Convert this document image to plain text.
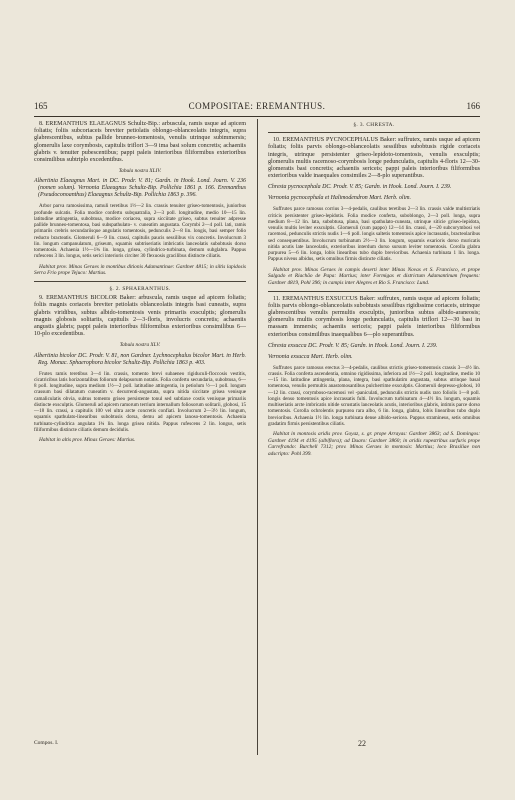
165	COMPOSITAE: EREMANTHUS.	166

8. EREMANTHUS ELAEAGNUS Schultz-Bip.: arbuscula, ramis usque ad apicem foliatis; foliis subcoriaceis breviter petiolatis oblongo-oblanceolatis integris, supra glabrescentibus, subtus pallide brunneo-tomentosis, venulis utrinque subimmersis; glomerulis laxe corymbosis, capitulis triflori 3—9 ima basi solum concretis; achaeniis glabris v. tenuiter pubescentibus; pappi paleis interioribus filiformibus exterioribus consimilibus subtriplo excedentibus.

Tabula nostra XLIV.

Albertinia Elaeagnus Mart. in DC. Prodr. V. 81; Gardn. in Hook. Lond. Journ. V. 236 (nomen solum). Vernonia Elaeagnus Schultz-Bip. Pollichia 1861 p. 166. Eremanthus (Pseudoconoanthus) Elaeagnus Schultz-Bip. Pollichia 1863 p. 396.

Arbor parva ramosissima, ramuli teretibus 1½—2 lin. crassis tenuiter griseo-tomentosis, juniorbus profunde sulcatis. Folia modice confertu subquatralia, 2—3 poll. longitudine, medio 10—15 lin. latitudine attingentia, subobtusa, modice coriacea, supra sicciitate griseo, subtus tenuiter adpresse pallide brunneo-tomentosa, basi subspathulato- v. cuneatim angustata. Corymbi 2—4 poll. lati, ramis primariis crebris secundariisque angulatis tomentosis, pedunculis 2—8 lin. longis, basi semper folio reducto bracteatis. Glomeruli 6—9 lin. crassi, capitulis paucis sessilibus vix concretis. Involucrum 3 lin. longum campanulatum, griseum, squamis subtriseriatis imbricatis lanceolatis subobtusis dorso tomentosis. Achaenia 1½—1¾ lin. longa, grisea, cylindrico-turbinata, demum subglabra. Pappus rufescens 3 lin. longus, setis serici interioris circiter 30 flexuosis gracilibus distincte ciliatis.

Habitat prov. Minas Geraes in montibus ditionis Adamantinae: Gardner 4815; in siltis lapidosis Serra Frio prope Tejuco: Martius.

§. 2. SPHAERANTHUS.

9. EREMANTHUS BICOLOR Baker: arbuscula, ramis usque ad apicem foliatis; foliis magnis coriaceis breviter petiolatis oblanceolatis integris basi cuneatis, supra glabris viridibus, subtus albido-tomentosis venis primariis exsculptis; glomerulis magnis globosis solitariis, capitulis 2—3-floris, involucris concretis; achaeniis angustis glabris; pappi paleis interioribus filiformibus exterioribus consimilibus 6—10-plo excedentibus.

Tabula nostra XLV.

Albertinia bicolor DC. Prodr. V. 81, non Gardner. Lychnocephalus bicolor Mart. in Herb. Reg. Monac. Sphaerophora bicolor Schultz-Bip. Pollichia 1863 p. 403.

Frutex ramis teretibus 3—4 lin. crassis, tomento brevi subaeneo rigiduculi-floccosis vestitis, cicatricibus latis horizontalibus foliorum delapsorum notatis. Folia confertu secundaria, subobtusa, 6—8 poll. longitudine, supra medium 1½—2 poll. latitudine attingentia, in petiolum ½—1 poll. longum crassum basi dilatatum cuneatim v. decurrenti-angustata, supra nitida siccitate grisea venisque camaliculatis obvia, subtus tomento griseo persistente tonul sed subtiaxe costis venisque primariis distincte exsculptis. Glomeruli ad apicem ramorum terrium internallum foliosorum solitarii, globosi, 15—18 lin. crassi, a capitulis 100 vel ultra arcte concretis confiati. Involucrum 2—3½ lin. longum, squamis spathulato-linearibus subobtusis dorsa, demu ad apicem lanoso-tomentosis. Achaenia turbinato-cylindrica angulata 1¾ lin. longa grisea nitida. Pappus rufescens 2 lin. longus, setis filiformibus distincte ciliatis demum decidulis.

Habitat in altis prov. Minas Geraes: Martius.

§. 3. CHRESTA.

10. EREMANTHUS PYCNOCEPHALUS Baker: suffrutex, ramis usque ad apicem foliatis; foliis parvis oblongo-oblanceolatis sessilibus subobtusis rigide coriaceis integris, utrinque persistenter griseo-lepidoto-tomentosis, venulis exsculptis; glomerulis multis racemoso-corymbosis longe pedunculatis, capitulis 4-floris 12—30-glomeratis basi concretis; achaeniis sericeis; pappi paleis interioribus filiformibus exterioribus valde inaequales consimiles 2—8-plo superantibus.

Chresta pycnocephala DC. Prodr. V. 85; Gardn. in Hook. Lond. Journ. I. 239.

Vernonia pycnocephala et Halimodendron Mart. Herb. olim.

Suffrutex parce ramosus corrius 3—4-pedalis, caulibus teretibus 2—3 lin. crassis valde multistriatis criticis persistenter griseo-lepidotis. Folia modice conferta, suboblongo, 2—3 poll. longa, supra medium 8—12 lin. lata, subobtusa, plana, basi spathulato-cuneata, utrinque siticie griseo-lepidota, venulis multis leviter exsculptis. Glomeruli (cum pappo) 12—14 lin. crassi, 4—20 subcorymbosi vel racemosi, pedunculis strictis nudis 1—6 poll. longis saltetis tomentosis apice incrassatis, bracteolaribus sed consequentibus. Involucrum turbinatum 2½—3 lin. longum, squamis exarioris dorso muricatis nitida acutis late lanceolatis, exterioribus interdum dorso sursum leviter tomentosis. Corolla glabra purpurea 5—6 lin. longa, lobis linearibus tubo duplo brevioribus. Achaenia turbinata 1 lin. longa. Pappus niveus albidus, setis omnibus firmis distincte ciliatis.

Habitat prov. Minas Geraes in campis deserti inter Minas Novas et S. Francisco, et prope Salgado et Riachão de Papa: Martius; inter Formigas et districtum Adamantinum frequens: Gardner 4819, Pohl 396; in campis inter Alegres et Rio S. Francisco: Lund.

11. EREMANTHUS EXSUCCUS Baker: suffrutex, ramis usque ad apicem foliatis; foliis parvis oblongo-oblanceolatis subobtusis sessilibus rigidissime coriaceis, utrinque glabrescentibus venulis permultis exsculptis, junioribus subtus albido-araneosis; glomerulis multis corymbosis longe pedunculatis, capitulis triflori 12—30 basi in massam immersis; achaeniis sericeis; pappi paleis interioribus filiformibus exterioribus consimilibus inaequalibus 6—plo superantibus.

Chresta exsucca DC. Prodr. V. 85; Gardn. in Hook. Lond. Journ. I. 239.

Vernonia exsucca Mart. Herb. olim.

Suffrutex parce ramosus erectus 3—4-pedalis, caulibus strictis griseo-tomentosis crassis 3—4½ lin. crassis. Folia conferta ascendentia, omnino rigidissima, inferiora ad 1½—2 poll. longitudine, medio 10—15 lin. latitudine attingentia, plana, integra, basi spathulatim angustata, subtus utrinque basal tomentosa, venulis permultis anastomosantibus pulcherrime exsculptis. Glomeruli depresso-globosi, 10—12 lin. crassi, corymboso-racemosi vel -paniculati, pedunculis strictis nudis raro foliolis 1—8 poll. longis denso tomentosis apice incrassatis fulti. Involucrum turbinatum 4—4½ lin. longum, squamis multiseriatis arcte imbricatis nitide scrustatis lanceolatis acutis, interioribus glabris, intimis parce dorso tomentosis. Corolla ochrolentis purpurea rara albo, 6 lin. longa, glabra, lobis linearibus tubo duplo brevioribus. Achaenia 1½ lin. longa turbinata dense albido-sericea. Pappus stramineus, setis omnibus gradatim firmis persistentibus ciliatis.

Habitat in montosis aridis prov. Goyaz, s. gr. prope Arrayas: Gardner 3863; ad S. Domingos: Gardner 4194 et 4195 (albiflora); ad Duaro: Gardner 3860; in aridis rupestribus surfuris prope Carrefrando: Burchell 7312; prov. Minas Geraes in montosis: Martius; loco Brasiliae non adscripto: Pohl 399.

Compos. I.	22
